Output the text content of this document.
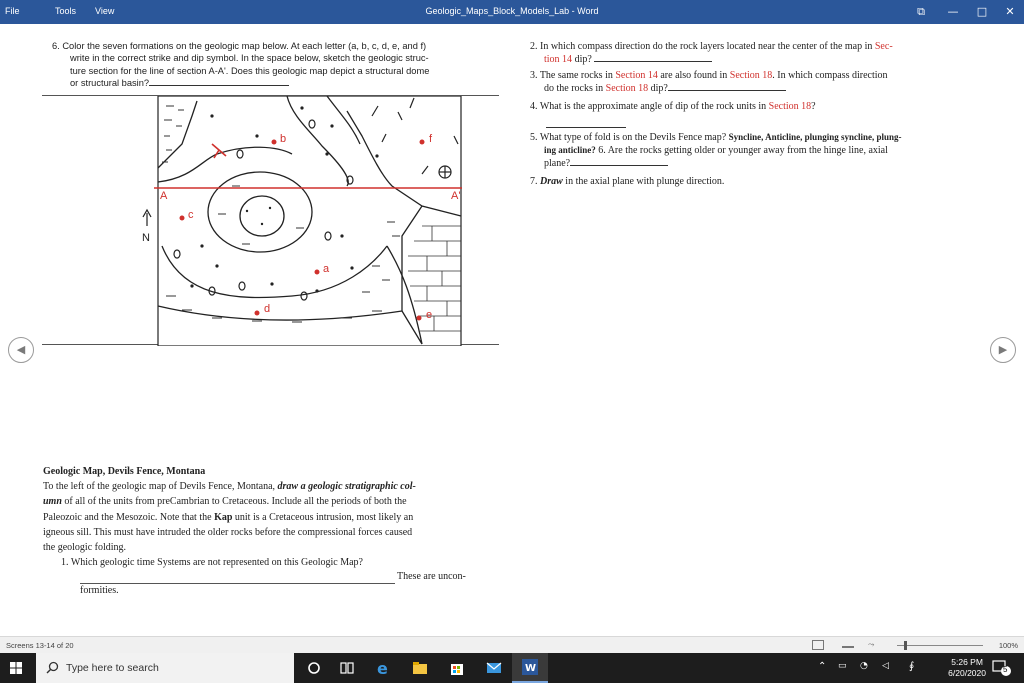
File	Tools View	Geologic_Maps_Block_Models_Lab - Word	⧉	— □	✕
◀	▶
6. Color the seven formations on the geologic map below. At each letter (a, b, c, d, e, and f)
write in the correct strike and dip symbol. In the space below, sketch the geologic struc-
ture section for the line of section A-A'. Does this geologic map depict a structural dome
or structural basin?
A	A'
N
a
b
c
d	e
f
2. In which compass direction do the rock layers located near the center of the map in Sec-
tion 14 dip?
3. The same rocks in Section 14 are also found in Section 18. In which compass direction
do the rocks in Section 18 dip?
4. What is the approximate angle of dip of the rock units in Section 18?
5. What type of fold is on the Devils Fence map? Syncline, Anticline, plunging syncline, plung-
ing anticline? 6. Are the rocks getting older or younger away from the hinge line, axial
plane?
7. Draw in the axial plane with plunge direction.
Geologic Map, Devils Fence, Montana
To the left of the geologic map of Devils Fence, Montana, draw a geologic stratigraphic col-
umn of all of the units from preCambrian to Cretaceous. Include all the periods of both the
Paleozoic and the Mesozoic. Note that the Kap unit is a Cretaceous intrusion, most likely an
igneous sill. This must have intruded the older rocks before the compressional forces caused
the geologic folding.
1. Which geologic time Systems are not represented on this Geologic Map?
These are uncon-
formities.
Screens 13-14 of 20	⤳	100%
Type here to search	e	W	⌃ ▭ ◔ ◁ ∮	5:26 PM
6/20/2020 5
